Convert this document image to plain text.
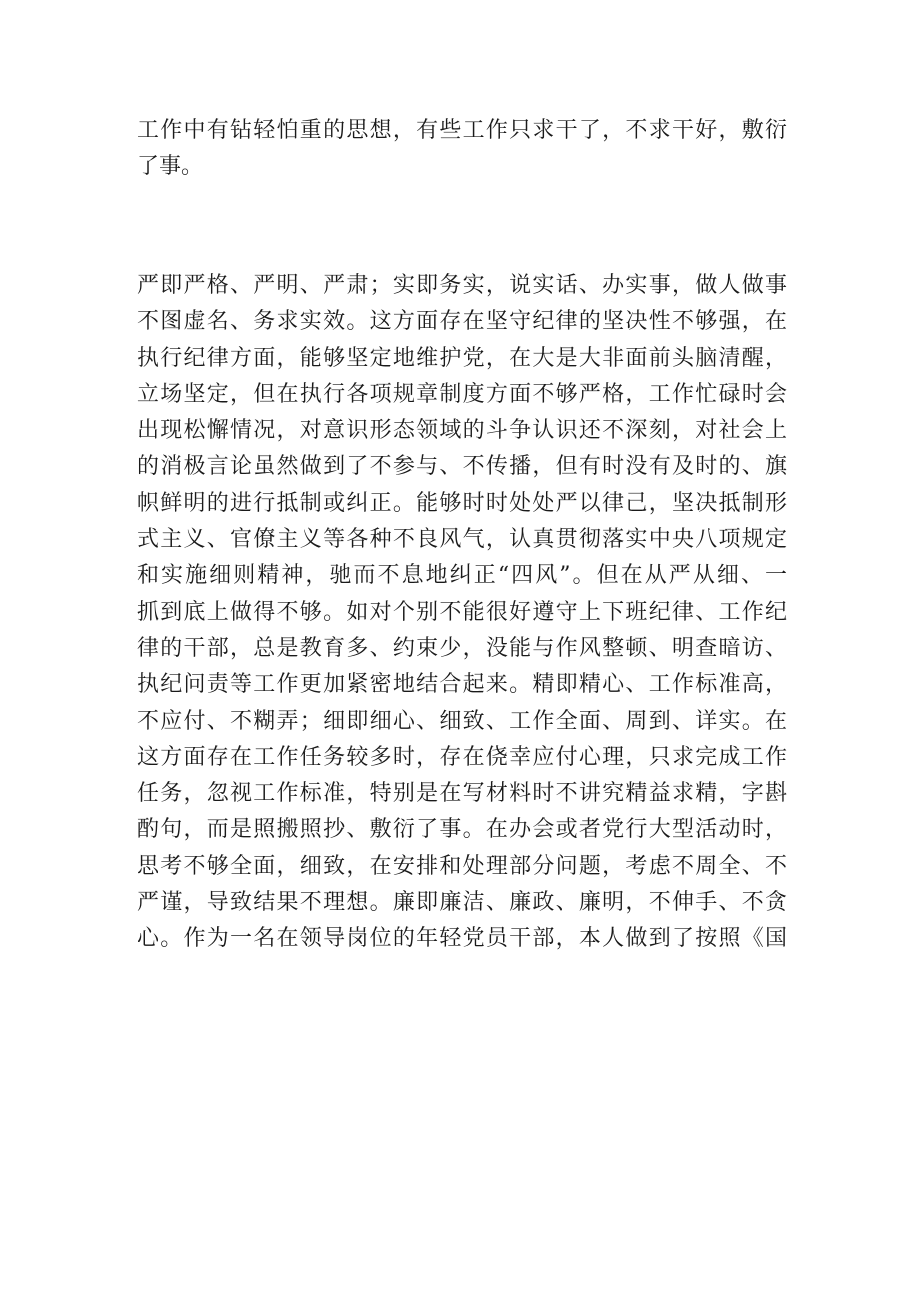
工作中有钻轻怕重的思想，有些工作只求干了，不求干好，敷衍
了事。
严即严格、严明、严肃；实即务实，说实话、办实事，做人做事
不图虚名、务求实效。这方面存在坚守纪律的坚决性不够强，在
执行纪律方面，能够坚定地维护党，在大是大非面前头脑清醒，
立场坚定，但在执行各项规章制度方面不够严格，工作忙碌时会
出现松懈情况，对意识形态领域的斗争认识还不深刻，对社会上
的消极言论虽然做到了不参与、不传播，但有时没有及时的、旗
帜鲜明的进行抵制或纠正。能够时时处处严以律己，坚决抵制形
式主义、官僚主义等各种不良风气，认真贯彻落实中央八项规定
和实施细则精神，驰而不息地纠正“四风”。但在从严从细、一
抓到底上做得不够。如对个别不能很好遵守上下班纪律、工作纪
律的干部，总是教育多、约束少，没能与作风整顿、明查暗访、
执纪问责等工作更加紧密地结合起来。精即精心、工作标准高，
不应付、不糊弄；细即细心、细致、工作全面、周到、详实。在
这方面存在工作任务较多时，存在侥幸应付心理，只求完成工作
任务，忽视工作标准，特别是在写材料时不讲究精益求精，字斟
酌句，而是照搬照抄、敷衍了事。在办会或者党行大型活动时，
思考不够全面，细致，在安排和处理部分问题，考虑不周全、不
严谨，导致结果不理想。廉即廉洁、廉政、廉明，不伸手、不贪
心。作为一名在领导岗位的年轻党员干部，本人做到了按照《国
